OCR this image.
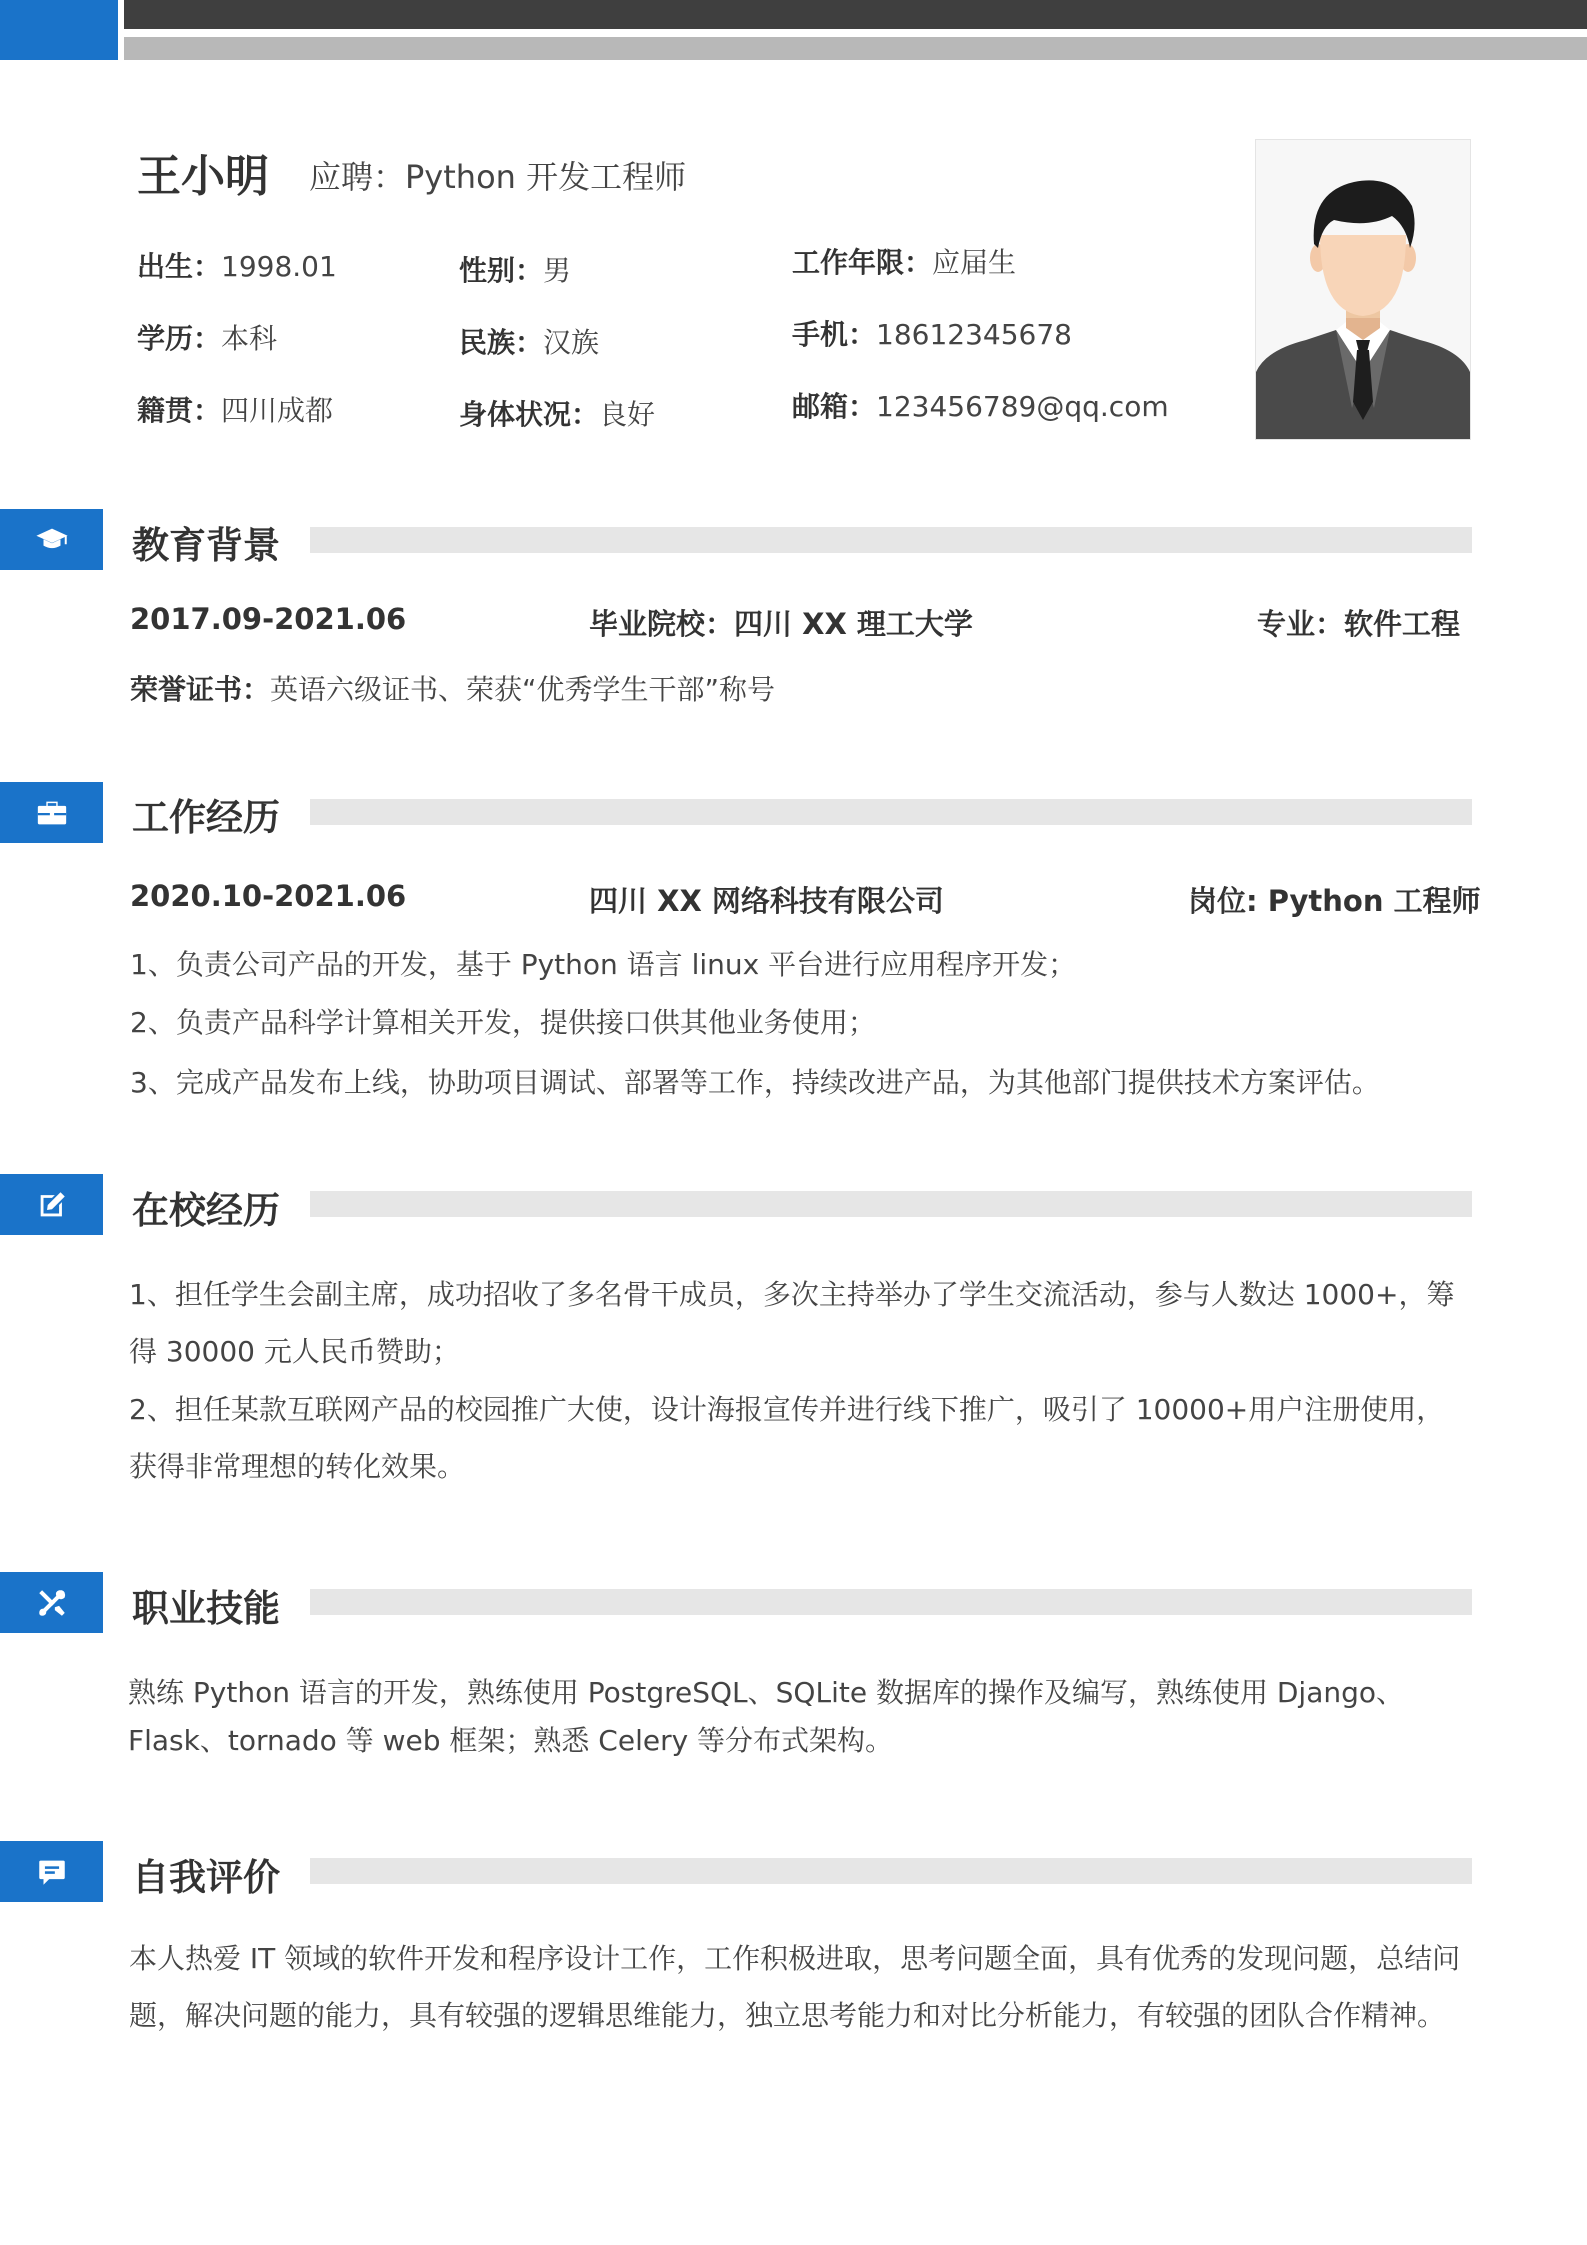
王小明 应聘：Python 开发工程师
出生：1998.01	性别：男	工作年限：应届生
学历：本科	民族：汉族	手机：18612345678
籍贯：四川成都	身体状况：良好	邮箱：123456789@qq.com
教育背景
2017.09-2021.06	毕业院校：四川 XX 理工大学	专业：软件工程
荣誉证书：英语六级证书、荣获“优秀学生干部”称号
工作经历
2020.10-2021.06	四川 XX 网络科技有限公司	岗位: Python 工程师
1、负责公司产品的开发，基于 Python 语言 linux 平台进行应用程序开发；
2、负责产品科学计算相关开发，提供接口供其他业务使用；
3、完成产品发布上线，协助项目调试、部署等工作，持续改进产品，为其他部门提供技术方案评估。
在校经历
1、担任学生会副主席，成功招收了多名骨干成员，多次主持举办了学生交流活动，参与人数达 1000+，筹得 30000 元人民币赞助；
2、担任某款互联网产品的校园推广大使，设计海报宣传并进行线下推广，吸引了 10000+用户注册使用，获得非常理想的转化效果。
职业技能
熟练 Python 语言的开发，熟练使用 PostgreSQL、SQLite 数据库的操作及编写，熟练使用 Django、Flask、tornado 等 web 框架；熟悉 Celery 等分布式架构。
自我评价
本人热爱 IT 领域的软件开发和程序设计工作，工作积极进取，思考问题全面，具有优秀的发现问题，总结问题，解决问题的能力，具有较强的逻辑思维能力，独立思考能力和对比分析能力，有较强的团队合作精神。
